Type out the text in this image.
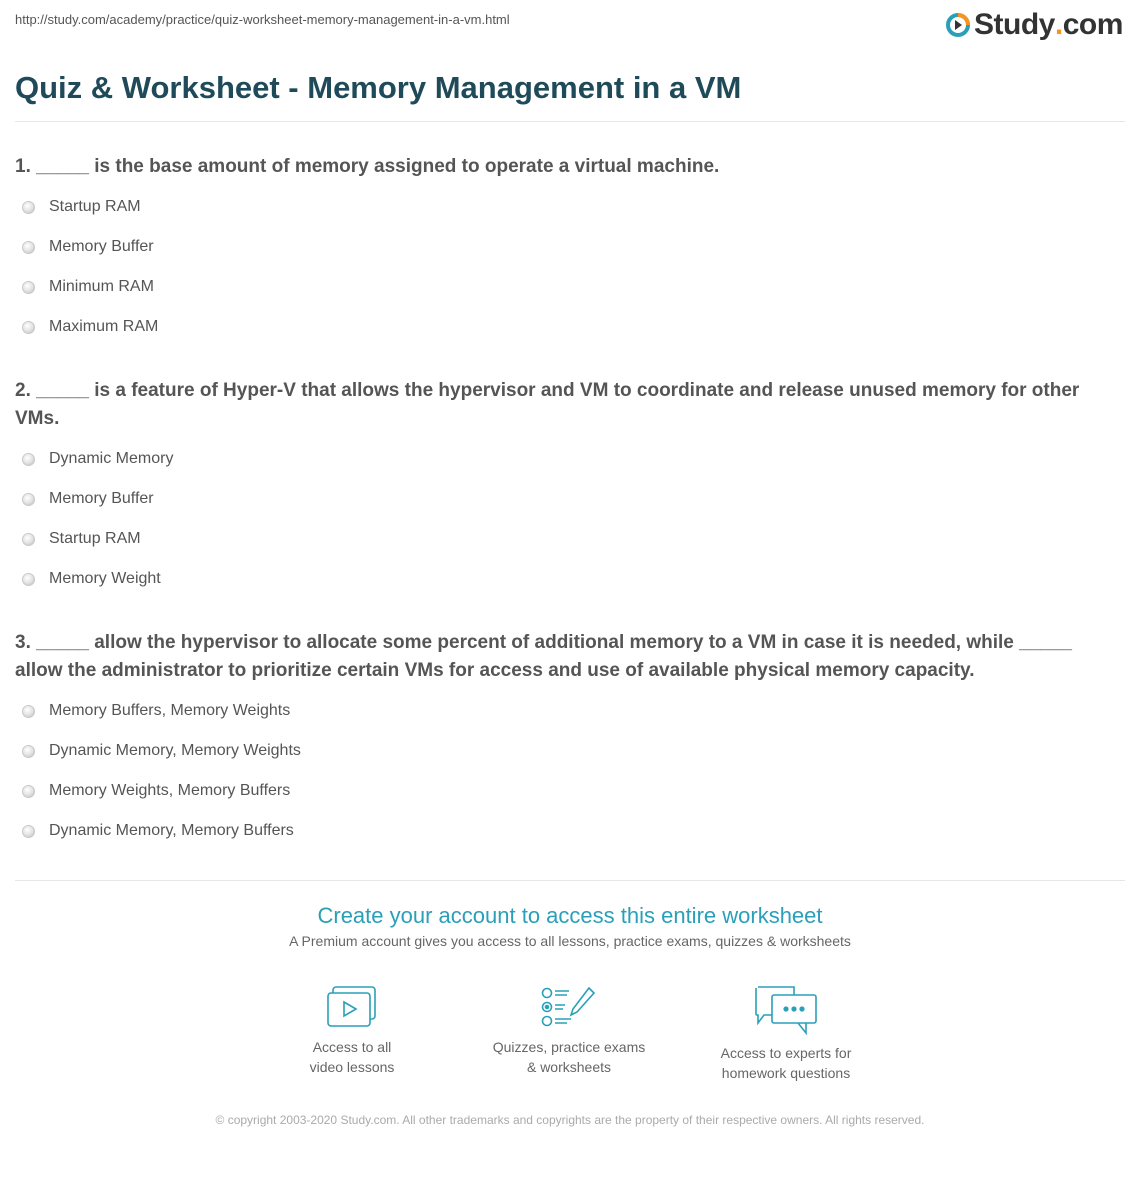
http://study.com/academy/practice/quiz-worksheet-memory-management-in-a-vm.html	Study . com
Quiz & Worksheet - Memory Management in a VM
1. _____ is the base amount of memory assigned to operate a virtual machine.
Startup RAM
Memory Buffer
Minimum RAM
Maximum RAM
2. _____ is a feature of Hyper-V that allows the hypervisor and VM to coordinate and release unused memory for other VMs.
Dynamic Memory
Memory Buffer
Startup RAM
Memory Weight
3. _____ allow the hypervisor to allocate some percent of additional memory to a VM in case it is needed, while _____ allow the administrator to prioritize certain VMs for access and use of available physical memory capacity.
Memory Buffers, Memory Weights
Dynamic Memory, Memory Weights
Memory Weights, Memory Buffers
Dynamic Memory, Memory Buffers
Create your account to access this entire worksheet
A Premium account gives you access to all lessons, practice exams, quizzes & worksheets
Access to all
video lessons
Quizzes, practice exams
& worksheets
Access to experts for
homework questions
© copyright 2003-2020 Study.com. All other trademarks and copyrights are the property of their respective owners. All rights reserved.
